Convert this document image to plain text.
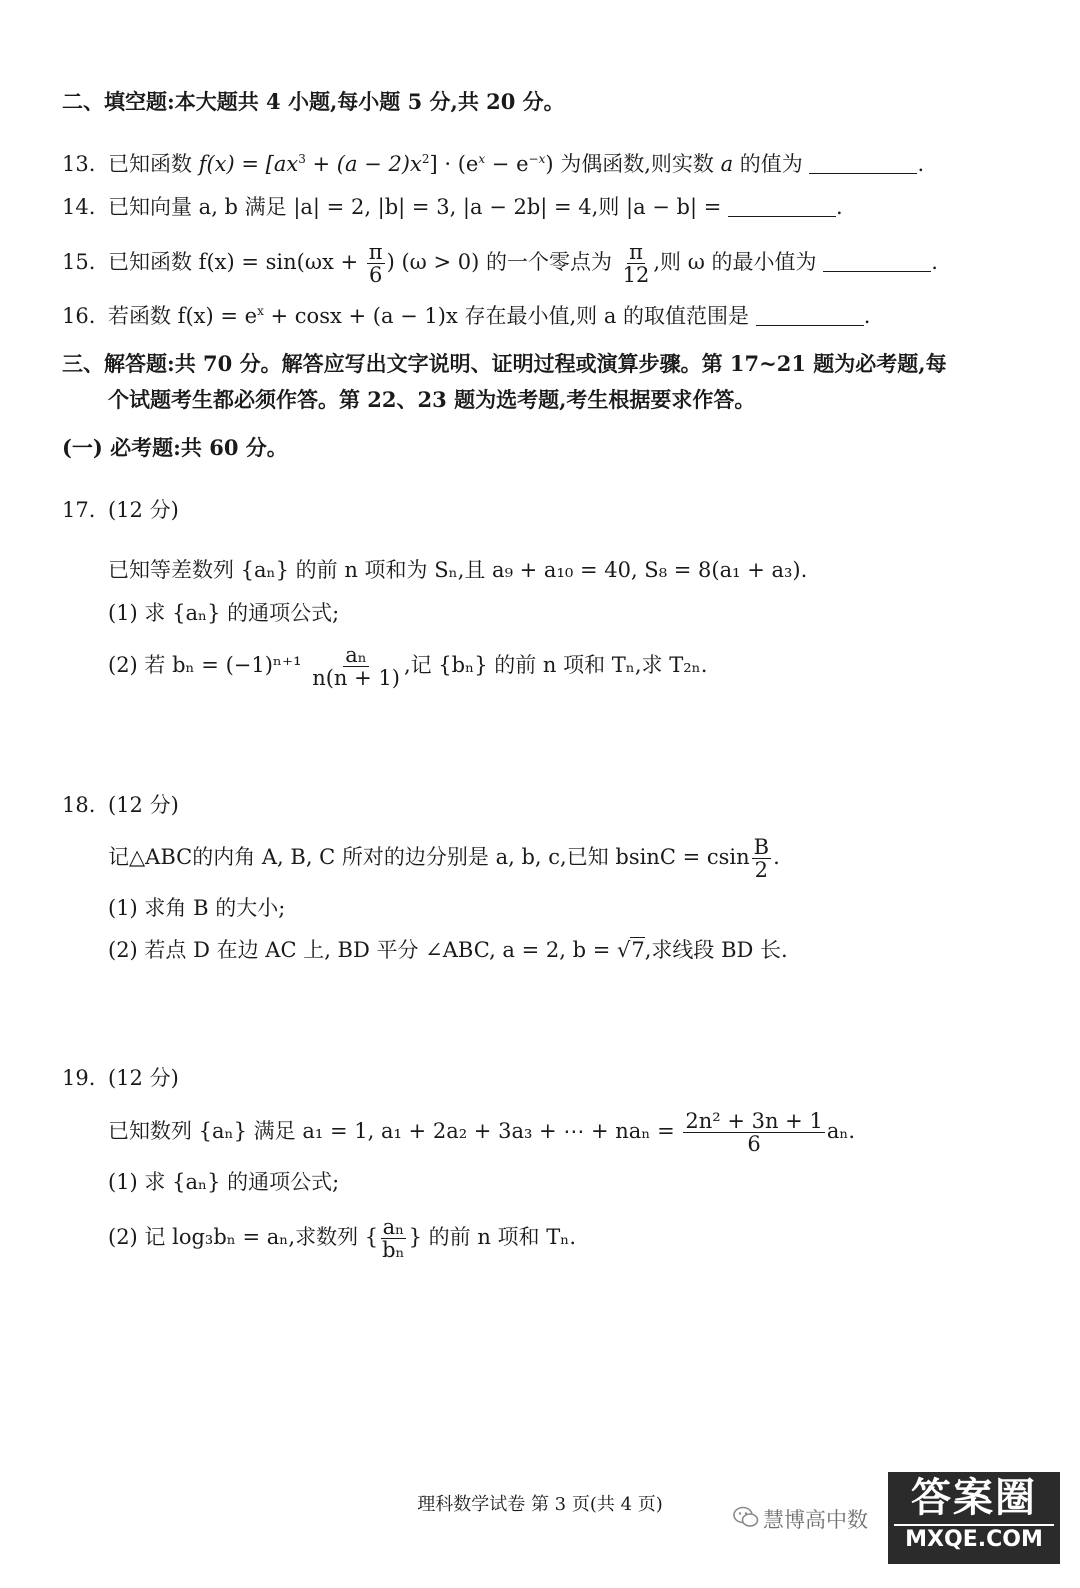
二、填空题:本大题共 4 小题,每小题 5 分,共 20 分。
13. 已知函数 $f(x) = [ax^3 + (a - 2)x^2] \cdot (e^x - e^{-x})$ 为偶函数,则实数 a 的值为	.
14. 已知向量 a, b 满足 |a| = 2, |b| = 3, |a − 2b| = 4,则 |a − b| =	.
15. 已知函数 $f(x) = \sin(\omega x + \frac{\pi}{6}$ ) (ω > 0) 的一个零点为 $\frac{\pi}{12}$ ,则 ω 的最小值为	.
16. 若函数 $f(x) = e^x + \cos x + (a - 1)x$ 存在最小值,则 a 的取值范围是	.
三、解答题:共 70 分。解答应写出文字说明、证明过程或演算步骤。第 17~21 题为必考题,每
个试题考生都必须作答。第 22、23 题为选考题,考生根据要求作答。
(一) 必考题:共 60 分。
17. (12 分)
已知等差数列 {aₙ} 的前 n 项和为 Sₙ,且 a₉ + a₁₀ = 40, S₈ = 8(a₁ + a₃).
(1) 求 {aₙ} 的通项公式;
(2) 若 $b_n = (-1)^{n+1} \frac{\text{aₙ}}{n(n + 1)}$ ,记 {bₙ} 的前 n 项和 Tₙ,求 T₂ₙ.
18. (12 分)
记△ABC的内角 A, B, C 所对的边分别是 a, b, c,已知 bsinC = csin $\frac{B}{2}$ .
(1) 求角 B 的大小;
(2) 若点 D 在边 AC 上, BD 平分 ∠ABC, a = 2, b = √7,求线段 BD 长.
19. (12 分)
已知数列 {aₙ} 满足 a₁ = 1, a₁ + 2a₂ + 3a₃ + ⋯ + $na_n = \frac{\text{2n² + 3n + 1}}{6} a_n$.
(1) 求 {aₙ} 的通项公式;
(2) 记 log₃bₙ = aₙ,求数列 { $\frac{\text{aₙ}}{\text{bₙ}}$ } 的前 n 项和 Tₙ.
理科数学试卷 第 3 页(共 4 页)
慧博高中数	答案圈
MXQE.COM
